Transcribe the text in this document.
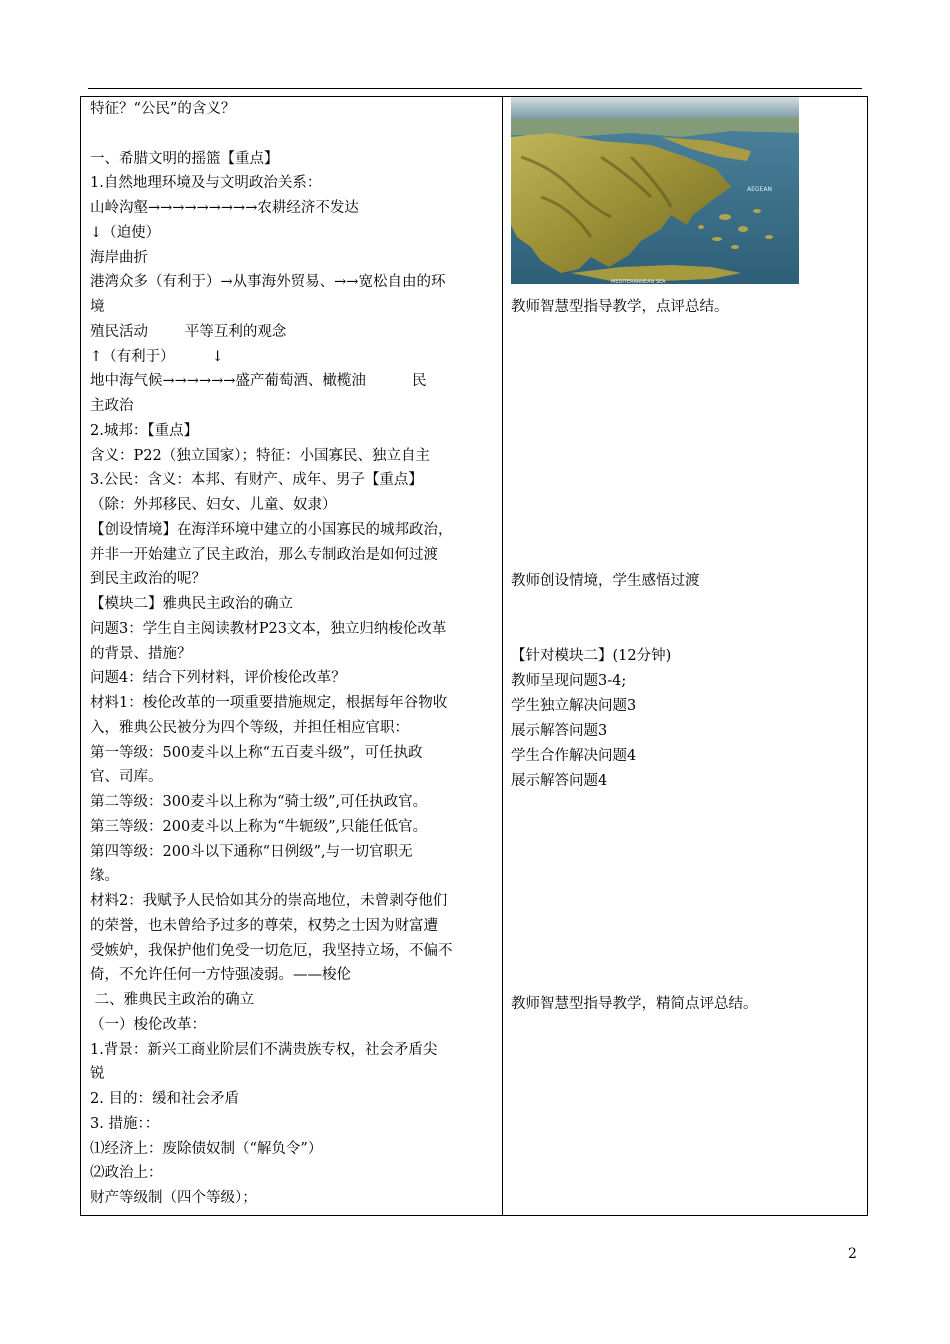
特征？“公民”的含义？
一、希腊文明的摇篮【重点】
1.自然地理环境及与文明政治关系：
山岭沟壑→→→→→→→→→农耕经济不发达
↓（迫使）
海岸曲折
港湾众多（有利于）→从事海外贸易、→→宽松自由的环
境
殖民活动        平等互利的观念
↑（有利于）        ↓
地中海气候→→→→→→盛产葡萄酒、橄榄油          民
主政治
2.城邦：【重点】
含义：P22（独立国家）；特征：小国寡民、独立自主
3.公民：含义：本邦、有财产、成年、男子【重点】
（除：外邦移民、妇女、儿童、奴隶）
【创设情境】在海洋环境中建立的小国寡民的城邦政治，
并非一开始建立了民主政治，那么专制政治是如何过渡
到民主政治的呢？
【模块二】雅典民主政治的确立
问题3：学生自主阅读教材P23文本，独立归纳梭伦改革
的背景、措施？
问题4：结合下列材料，评价梭伦改革？
材料1：梭伦改革的一项重要措施规定，根据每年谷物收
入，雅典公民被分为四个等级，并担任相应官职：
第一等级：500麦斗以上称“五百麦斗级”，可任执政
官、司库。
第二等级：300麦斗以上称为“骑士级”,可任执政官。
第三等级：200麦斗以上称为“牛轭级”,只能任低官。
第四等级：200斗以下通称“日例级”,与一切官职无
缘。
材料2：我赋予人民恰如其分的崇高地位，未曾剥夺他们
的荣誉，也未曾给予过多的尊荣，权势之士因为财富遭
受嫉妒，我保护他们免受一切危厄，我坚持立场，不偏不
倚，不允许任何一方恃强凌弱。——梭伦
二、雅典民主政治的确立
（一）梭伦改革：
1.背景：新兴工商业阶层们不满贵族专权，社会矛盾尖
锐
2. 目的：缓和社会矛盾
3. 措施：：
⑴经济上：废除债奴制（“解负令”）
⑵政治上：
财产等级制（四个等级）；
AEGEAN
MEDITERRANEAN SEA
教师智慧型指导教学，点评总结。
教师创设情境，学生感悟过渡
【针对模块二】(12分钟)
教师呈现问题3-4;
学生独立解决问题3
展示解答问题3
学生合作解决问题4
展示解答问题4
教师智慧型指导教学，精简点评总结。
2
